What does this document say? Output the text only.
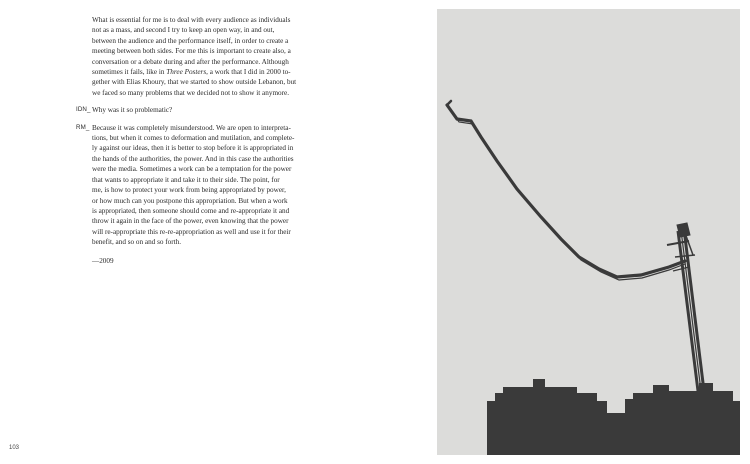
What is essential for me is to deal with every audience as individuals
not as a mass, and second I try to keep an open way, in and out,
between the audience and the performance itself, in order to create a
meeting between both sides. For me this is important to create also, a
conversation or a debate during and after the performance. Although
sometimes it fails, like in Three Posters, a work that I did in 2000 to-
gether with Elias Khoury, that we started to show outside Lebanon, but
we faced so many problems that we decided not to show it anymore.

IDN_ Why was it so problematic?

RM_ Because it was completely misunderstood. We are open to interpreta-
tions, but when it comes to deformation and mutilation, and complete-
ly against our ideas, then it is better to stop before it is appropriated in
the hands of the authorities, the power. And in this case the authorities
were the media. Sometimes a work can be a temptation for the power
that wants to appropriate it and take it to their side. The point, for
me, is how to protect your work from being appropriated by power,
or how much can you postpone this appropriation. But when a work
is appropriated, then someone should come and re-appropriate it and
throw it again in the face of the power, even knowing that the power
will re-appropriate this re-re-appropriation as well and use it for their
benefit, and so on and so forth.

—2009

103
